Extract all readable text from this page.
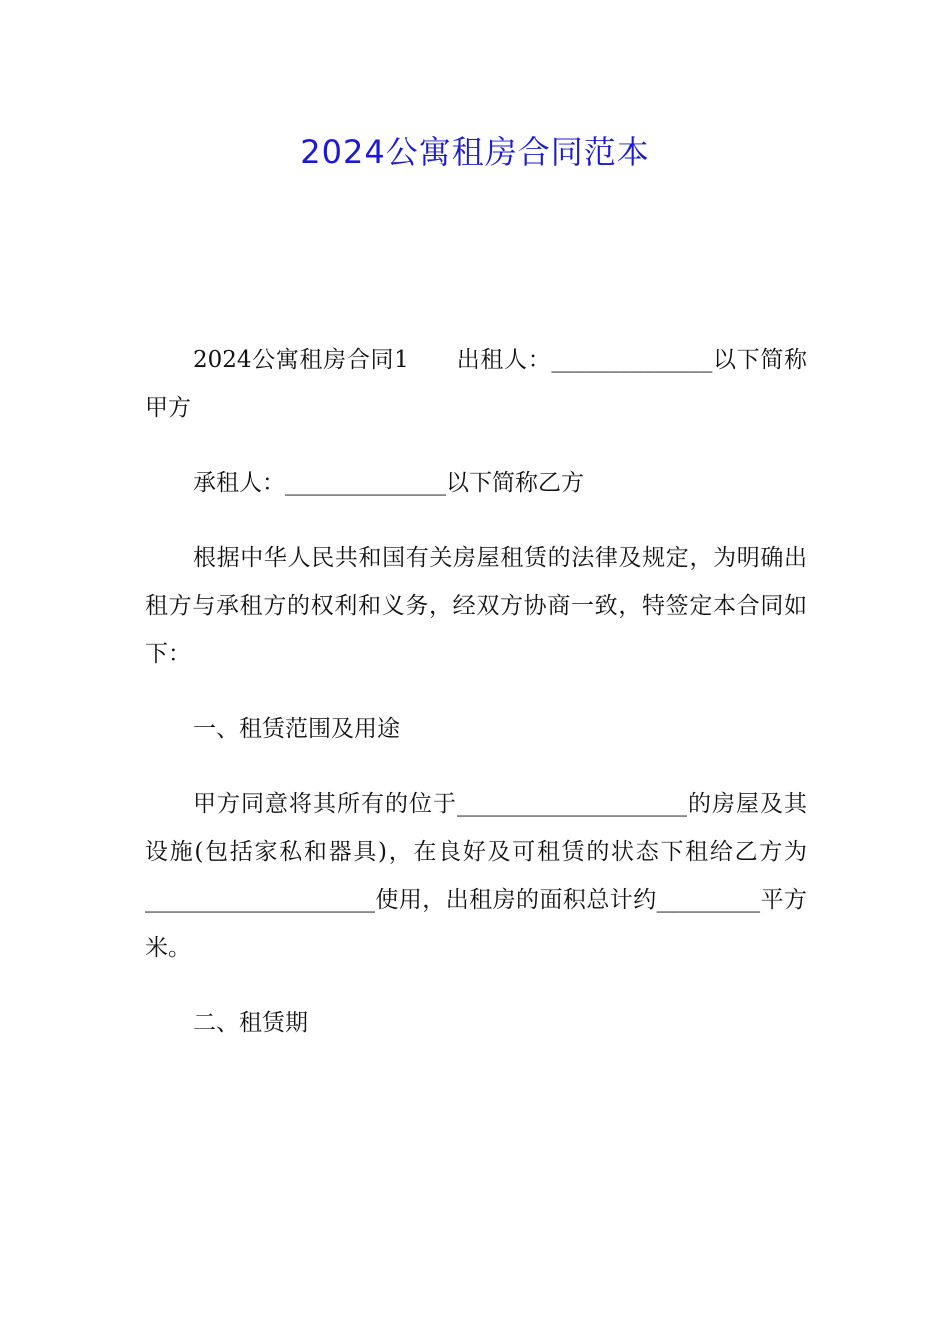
2024公寓租房合同范本

2024公寓租房合同1　　出租人：______________以下简称甲方

承租人：______________以下简称乙方

根据中华人民共和国有关房屋租赁的法律及规定，为明确出租方与承租方的权利和义务，经双方协商一致，特签定本合同如下：

一、租赁范围及用途

甲方同意将其所有的位于____________________的房屋及其设施(包括家私和器具)，在良好及可租赁的状态下租给乙方为____________________使用，出租房的面积总计约_________平方米。

二、租赁期
